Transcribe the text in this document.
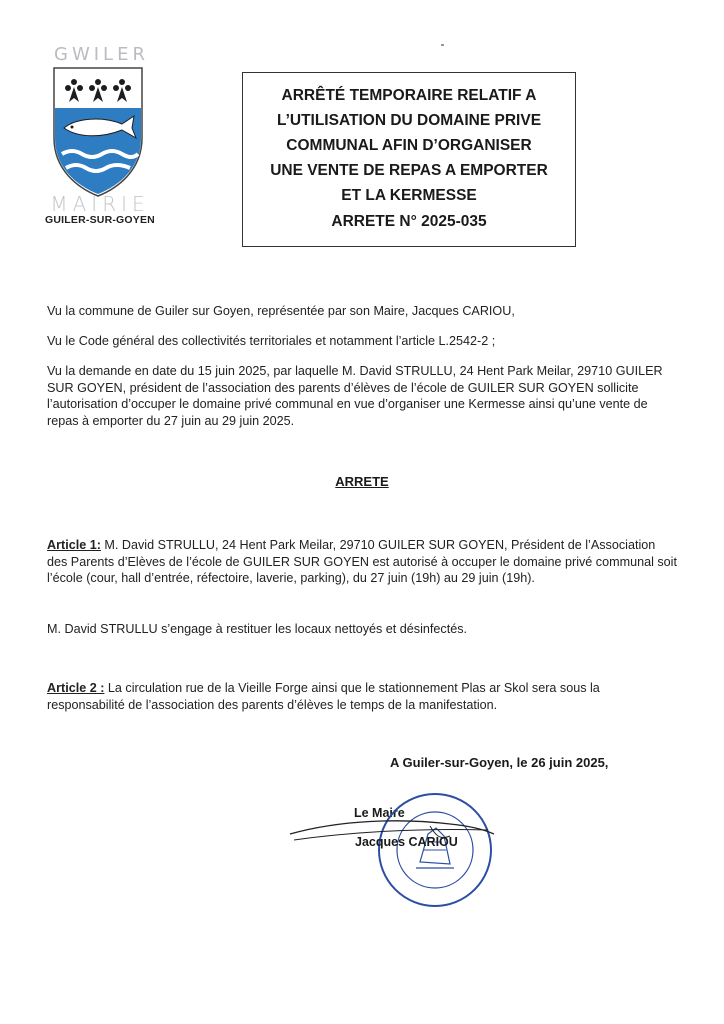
GWILER
MAIRIE
GUILER-SUR-GOYEN
ARRÊTÉ TEMPORAIRE RELATIF A
L’UTILISATION DU DOMAINE PRIVE
COMMUNAL AFIN D’ORGANISER
UNE VENTE DE REPAS A EMPORTER
ET LA KERMESSE
ARRETE N° 2025-035

Vu la commune de Guiler sur Goyen, représentée par son Maire, Jacques CARIOU,

Vu le Code général des collectivités territoriales et notamment l’article L.2542-2 ;

Vu la demande en date du 15 juin 2025, par laquelle M. David STRULLU, 24 Hent Park Meilar, 29710 GUILER SUR GOYEN, président de l’association des parents d’élèves de l’école de GUILER SUR GOYEN sollicite l’autorisation d’occuper le domaine privé communal en vue d’organiser une Kermesse ainsi qu’une vente de repas à emporter du 27 juin au 29 juin 2025.

ARRETE

Article 1: M. David STRULLU, 24 Hent Park Meilar, 29710 GUILER SUR GOYEN, Président de l’Association des Parents d’Elèves de l’école de GUILER SUR GOYEN est autorisé à occuper le domaine privé communal soit l’école (cour, hall d’entrée, réfectoire, laverie, parking), du 27 juin (19h) au 29 juin (19h).

M. David STRULLU s’engage à restituer les locaux nettoyés et désinfectés.

Article 2 : La circulation rue de la Vieille Forge ainsi que le stationnement Plas ar Skol sera sous la responsabilité de l’association des parents d’élèves le temps de la manifestation.

A Guiler-sur-Goyen, le 26 juin 2025,
Le Maire
Jacques CARIOU
